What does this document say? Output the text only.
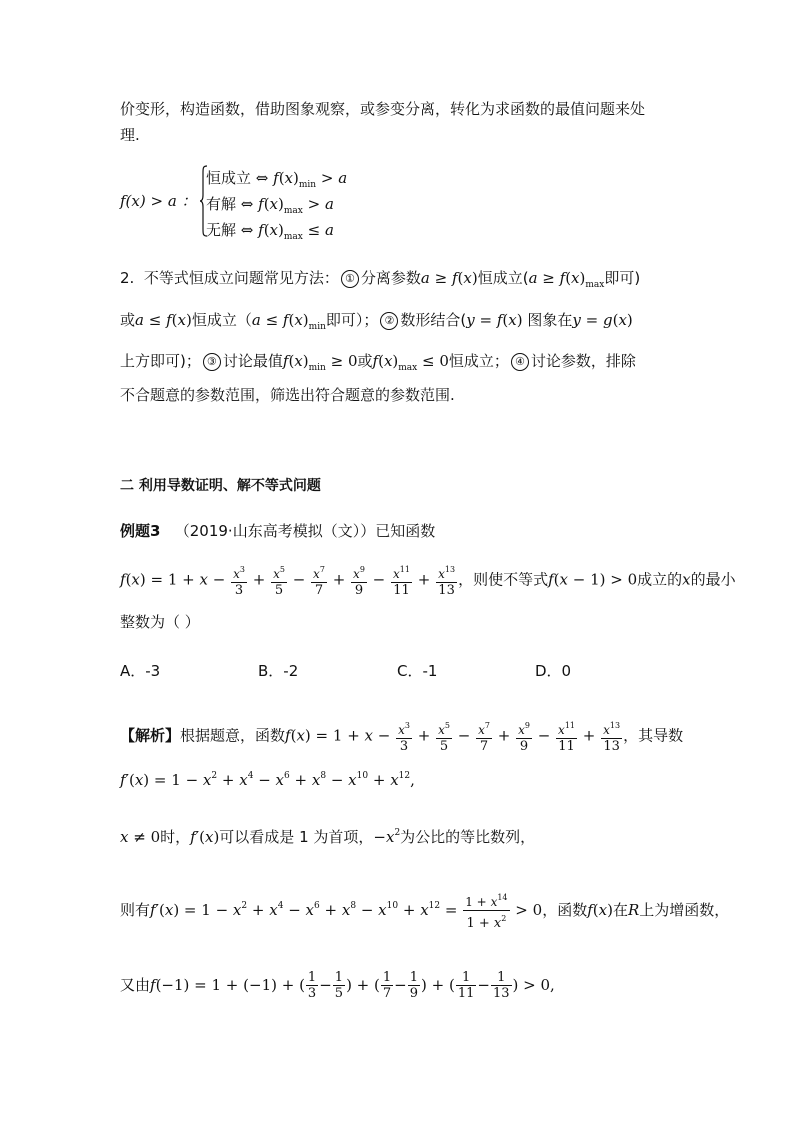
价变形，构造函数，借助图象观察，或参变分离，转化为求函数的最值问题来处
理.
f(x) > a ：
恒成立 ⇔ $f(x)_{min} > a$
有解 ⇔ $f(x)_{max} > a$
无解 ⇔ $f(x)_{max} \le a$
2. 不等式恒成立问题常见方法： ① 分离参数a ≥ f(x)恒成立($a \ge f(x)_{max}$即可)
或a ≤ f(x)恒成立（$a \le f(x)_{min}$即可）； ② 数形结合(y = f(x) 图象在y = g(x)
上方即可)； ③ 讨论最值$f(x)_{min} \ge 0$或$f(x)_{max} \le 0$恒成立； ④ 讨论参数，排除
不合题意的参数范围，筛选出符合题意的参数范围.
二 利用导数证明、解不等式问题
例题3 （2019·山东高考模拟（文））已知函数
$f(x) = 1 + x - \frac{x^3}{3} + \frac{x^5}{5} - \frac{x^7}{7} + \frac{x^9}{9} - \frac{x^{11}}{11} + \frac{x^{13}}{13}$ ，则使不等式f(x − 1) > 0成立的x的最小
整数为（ ）
A．-3	B．-2	C．-1	D．0
【解析】根据题意，函数$f(x) = 1 + x - \frac{x^3}{3} + \frac{x^5}{5} - \frac{x^7}{7} + \frac{x^9}{9} - \frac{x^{11}}{11} + \frac{x^{13}}{13}$ ，其导数
$f'(x) = 1 - x^2 + x^4 - x^6 + x^8 - x^{10} + x^{12}$,
x ≠ 0时，f′(x)可以看成是 1 为首项，$-x^2$为公比的等比数列，
则有$f'(x) = 1 - x^2 + x^4 - x^6 + x^8 - x^{10} + x^{12} = \frac{1 + x^{14}}{1 + x^2} > 0$，函数f(x)在R上为增函数，
又由f(−1) = 1 + (−1) + ( $\frac{1}{3} - \frac{1}{5}$ ) + ( $\frac{1}{7} - \frac{1}{9}$ ) + ( $\frac{1}{11} - \frac{1}{13}$ ) > 0,
